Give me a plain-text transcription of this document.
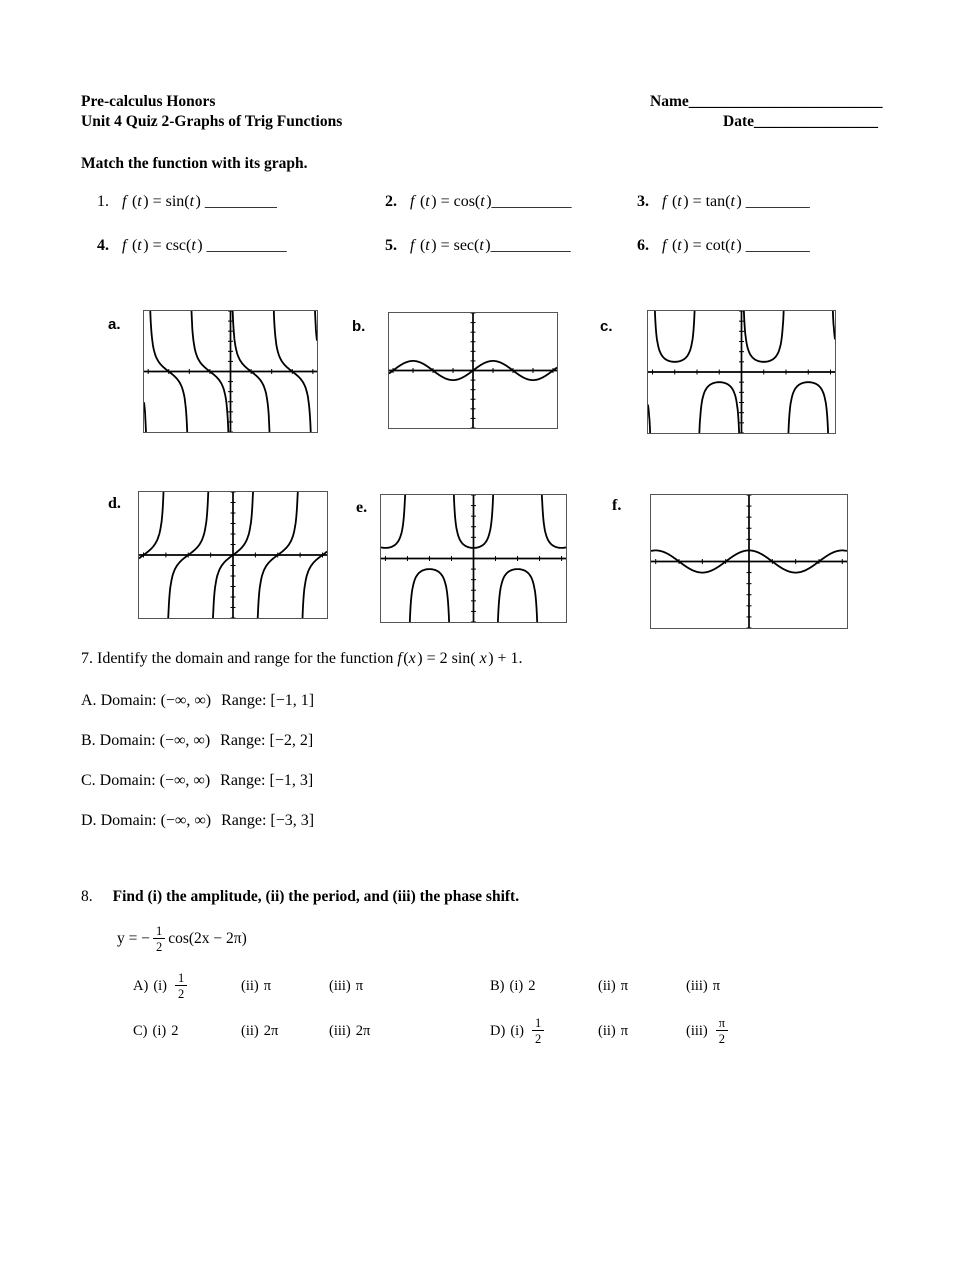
Pre-calculus Honors
Unit 4 Quiz 2-Graphs of Trig Functions
Name_________________________
Date________________
Match the function with its graph.
1. f (t) = sin(t) _________	2. f (t) = cos(t)__________	3. f (t) = tan(t) ________
4. f (t) = csc(t) __________	5. f (t) = sec(t)__________	6. f (t) = cot(t) ________
a.	b.	c.
d.	e.	f.
7. Identify the domain and range for the function f(x) = 2 sin( x) + 1.
A. Domain: (−∞, ∞) Range: [−1, 1]
B. Domain: (−∞, ∞) Range: [−2, 2]
C. Domain: (−∞, ∞) Range: [−1, 3]
D. Domain: (−∞, ∞) Range: [−3, 3]
8. Find (i) the amplitude, (ii) the period, and (iii) the phase shift.
y = − $\frac{1}{2} \cos(2x - 2\pi)$
A) $(i) \frac{1}{2}$	(ii) π	(iii) π	B) (i) 2	(ii) π	(iii) π
C) (i) 2	(ii) 2π	(iii) 2π	D) $(i) \frac{1}{2}$	(ii) π	$(iii) \frac{\pi}{2}$
